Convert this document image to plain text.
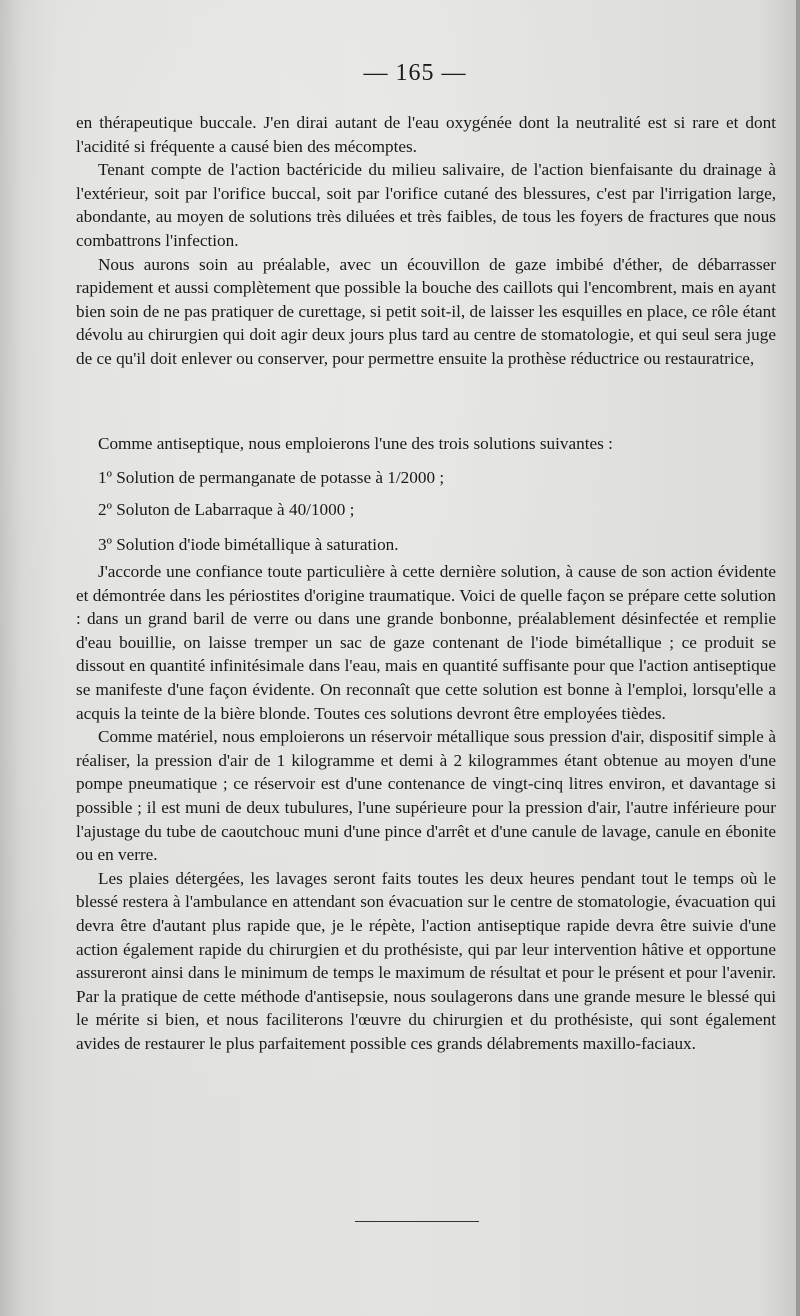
— 165 —

en thérapeutique buccale. J'en dirai autant de l'eau oxygénée dont la neutralité est si rare et dont l'acidité si fréquente a causé bien des mécomptes.

Tenant compte de l'action bactéricide du milieu salivaire, de l'action bienfaisante du drainage à l'extérieur, soit par l'orifice buccal, soit par l'orifice cutané des blessures, c'est par l'irrigation large, abondante, au moyen de solutions très diluées et très faibles, de tous les foyers de fractures que nous combattrons l'infection.

Nous aurons soin au préalable, avec un écouvillon de gaze imbibé d'éther, de débarrasser rapidement et aussi complètement que possible la bouche des caillots qui l'encombrent, mais en ayant bien soin de ne pas pratiquer de curettage, si petit soit-il, de laisser les esquilles en place, ce rôle étant dévolu au chirurgien qui doit agir deux jours plus tard au centre de stomatologie, et qui seul sera juge de ce qu'il doit enlever ou conserver, pour permettre ensuite la prothèse réductrice ou restauratrice,

Comme antiseptique, nous emploierons l'une des trois solutions suivantes :

1º Solution de permanganate de potasse à 1/2000 ;
2º Soluton de Labarraque à 40/1000 ;
3º Solution d'iode bimétallique à saturation.

J'accorde une confiance toute particulière à cette dernière solution, à cause de son action évidente et démontrée dans les périostites d'origine traumatique. Voici de quelle façon se prépare cette solution : dans un grand baril de verre ou dans une grande bonbonne, préalablement désinfectée et remplie d'eau bouillie, on laisse tremper un sac de gaze contenant de l'iode bimétallique ; ce produit se dissout en quantité infinitésimale dans l'eau, mais en quantité suffisante pour que l'action antiseptique se manifeste d'une façon évidente. On reconnaît que cette solution est bonne à l'emploi, lorsqu'elle a acquis la teinte de la bière blonde. Toutes ces solutions devront être employées tièdes.

Comme matériel, nous emploierons un réservoir métallique sous pression d'air, dispositif simple à réaliser, la pression d'air de 1 kilogramme et demi à 2 kilogrammes étant obtenue au moyen d'une pompe pneumatique ; ce réservoir est d'une contenance de vingt-cinq litres environ, et davantage si possible ; il est muni de deux tubulures, l'une supérieure pour la pression d'air, l'autre inférieure pour l'ajustage du tube de caoutchouc muni d'une pince d'arrêt et d'une canule de lavage, canule en ébonite ou en verre.

Les plaies détergées, les lavages seront faits toutes les deux heures pendant tout le temps où le blessé restera à l'ambulance en attendant son évacuation sur le centre de stomatologie, évacuation qui devra être d'autant plus rapide que, je le répète, l'action antiseptique rapide devra être suivie d'une action également rapide du chirurgien et du prothésiste, qui par leur intervention hâtive et opportune assureront ainsi dans le minimum de temps le maximum de résultat et pour le présent et pour l'avenir. Par la pratique de cette méthode d'antisepsie, nous soulagerons dans une grande mesure le blessé qui le mérite si bien, et nous faciliterons l'œuvre du chirurgien et du prothésiste, qui sont également avides de restaurer le plus parfaitement possible ces grands délabrements maxillo-faciaux.
